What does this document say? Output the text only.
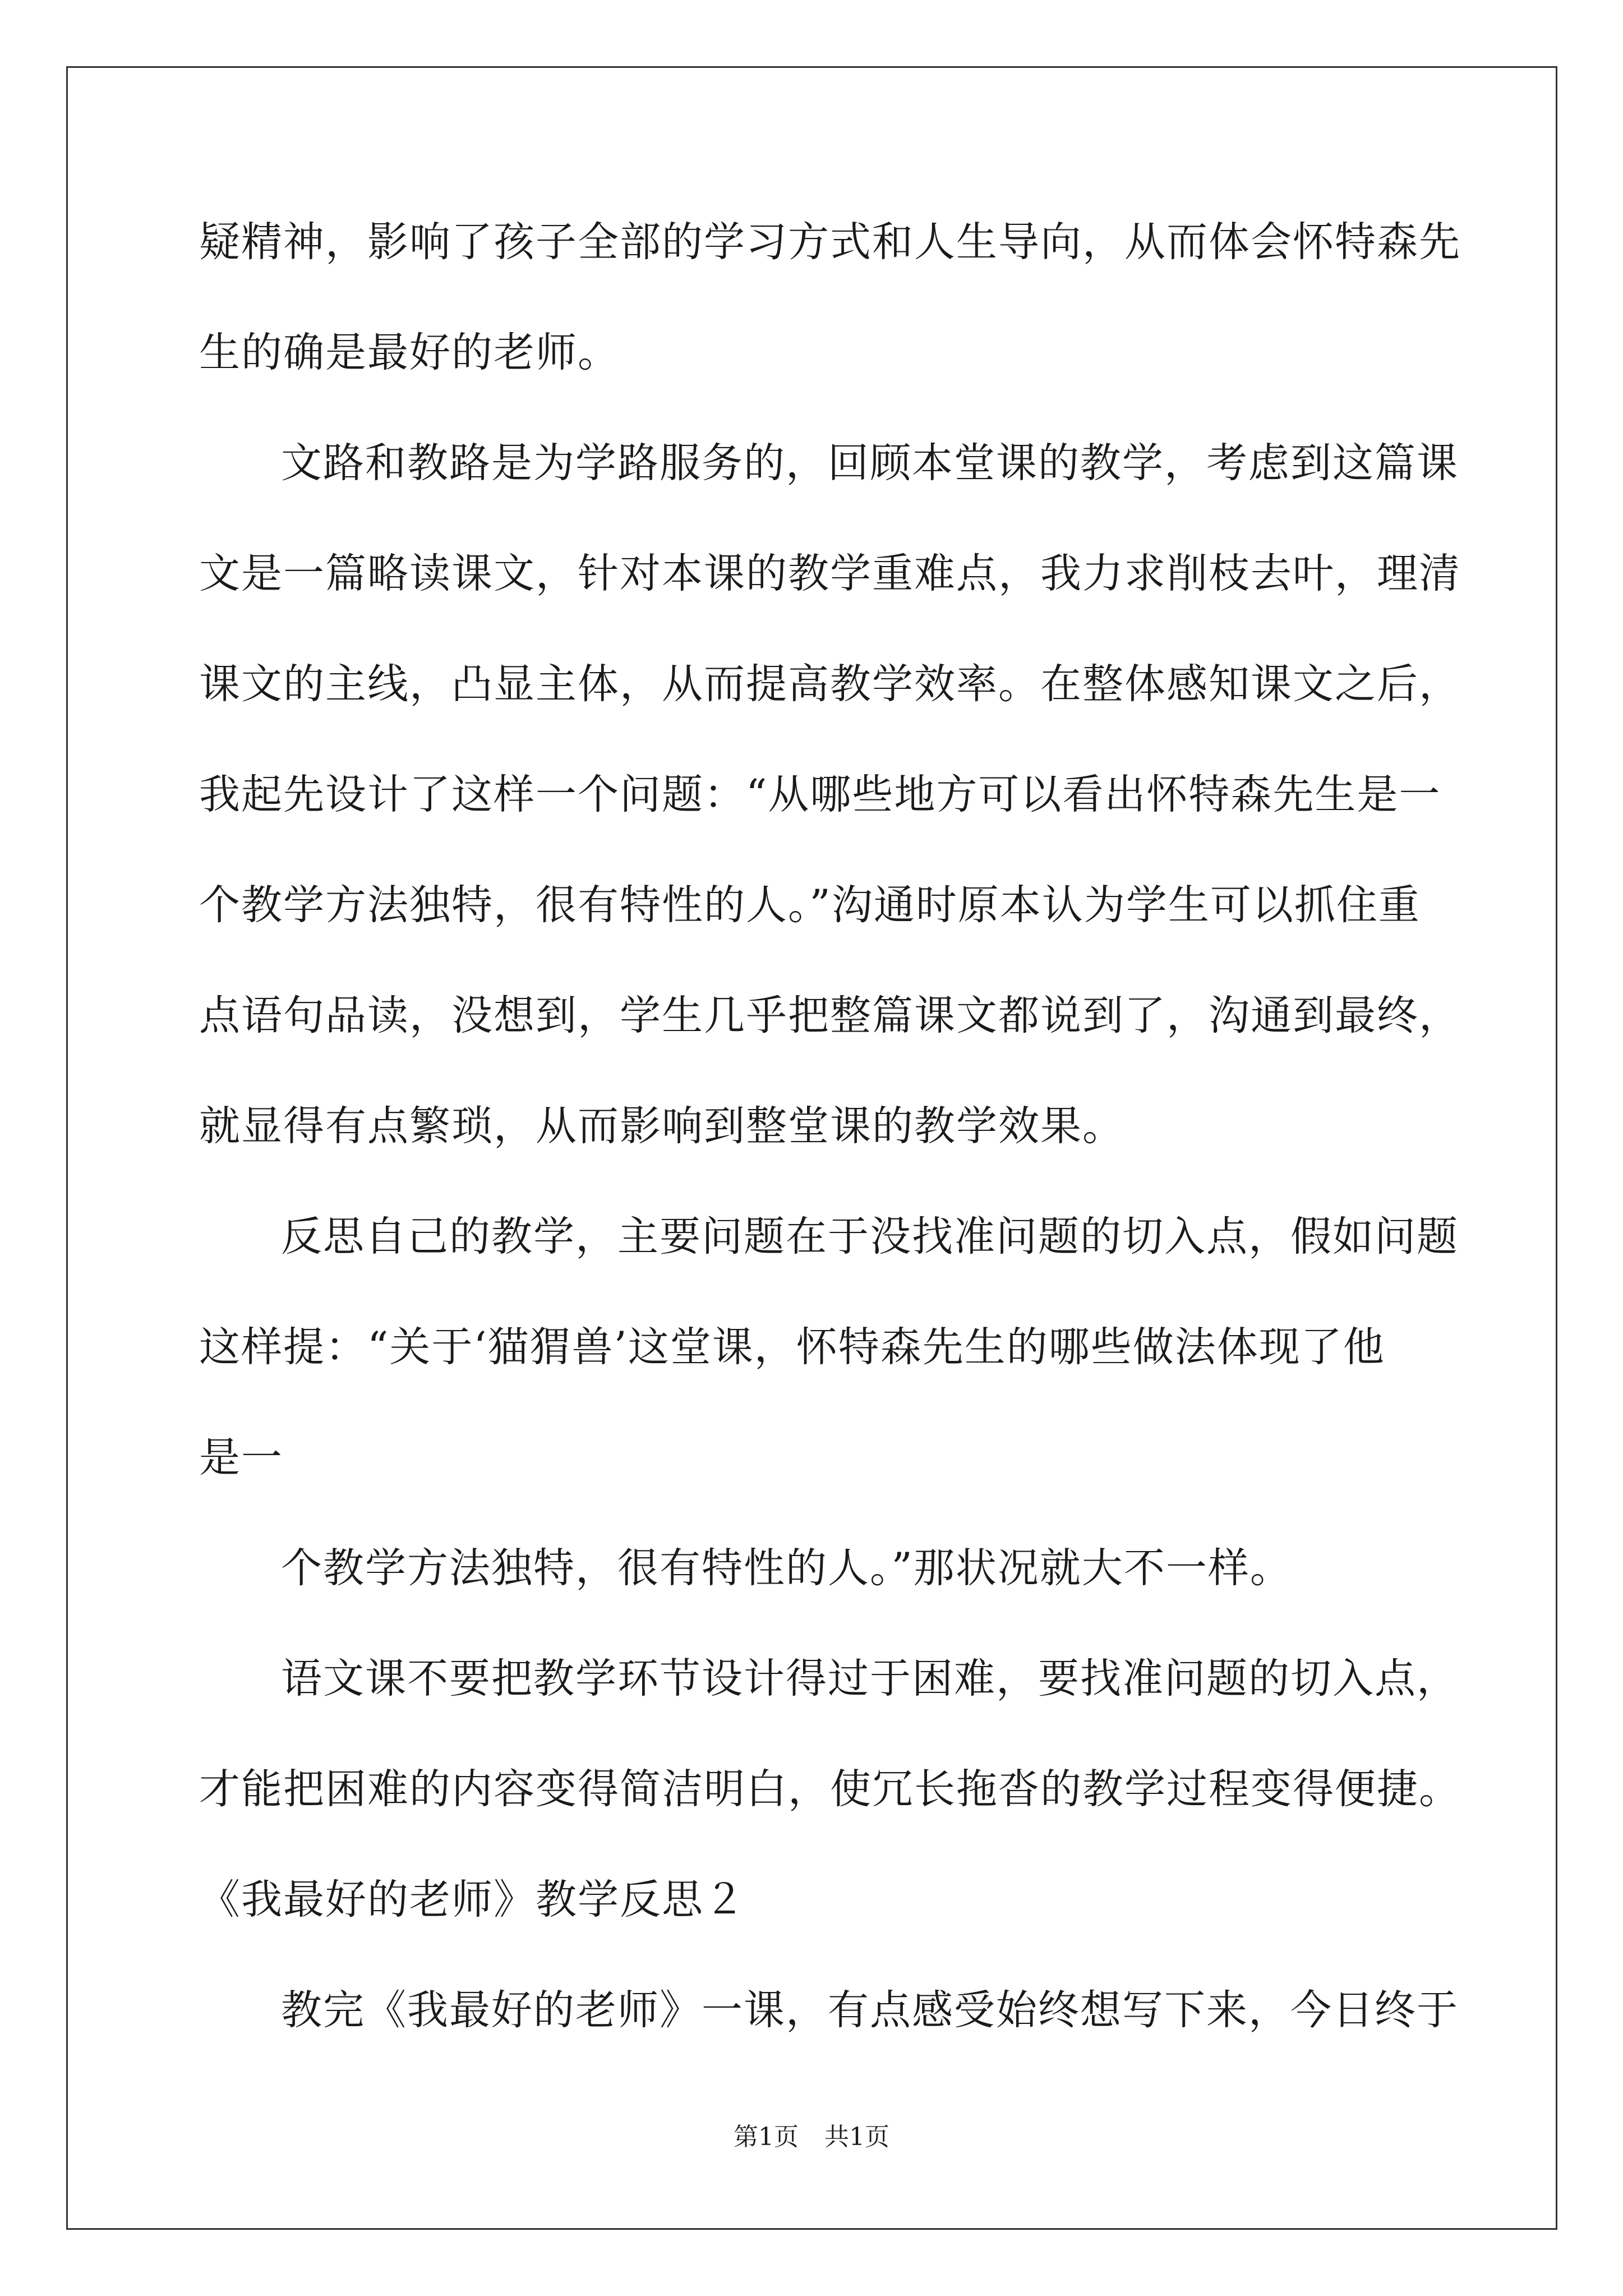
疑精神，影响了孩子全部的学习方式和人生导向，从而体会怀特森先
生的确是最好的老师。
文路和教路是为学路服务的，回顾本堂课的教学，考虑到这篇课
文是一篇略读课文，针对本课的教学重难点，我力求削枝去叶，理清
课文的主线，凸显主体，从而提高教学效率。在整体感知课文之后，
我起先设计了这样一个问题：“从哪些地方可以看出怀特森先生是一
个教学方法独特，很有特性的人。”沟通时原本认为学生可以抓住重
点语句品读，没想到，学生几乎把整篇课文都说到了，沟通到最终，
就显得有点繁琐，从而影响到整堂课的教学效果。
反思自己的教学，主要问题在于没找准问题的切入点，假如问题
这样提：“关于‘猫猬兽’这堂课，怀特森先生的哪些做法体现了他
是一
个教学方法独特，很有特性的人。”那状况就大不一样。
语文课不要把教学环节设计得过于困难，要找准问题的切入点，
才能把困难的内容变得简洁明白，使冗长拖沓的教学过程变得便捷。
《我最好的老师》教学反思２
教完《我最好的老师》一课，有点感受始终想写下来，今日终于
第1页 共1页
